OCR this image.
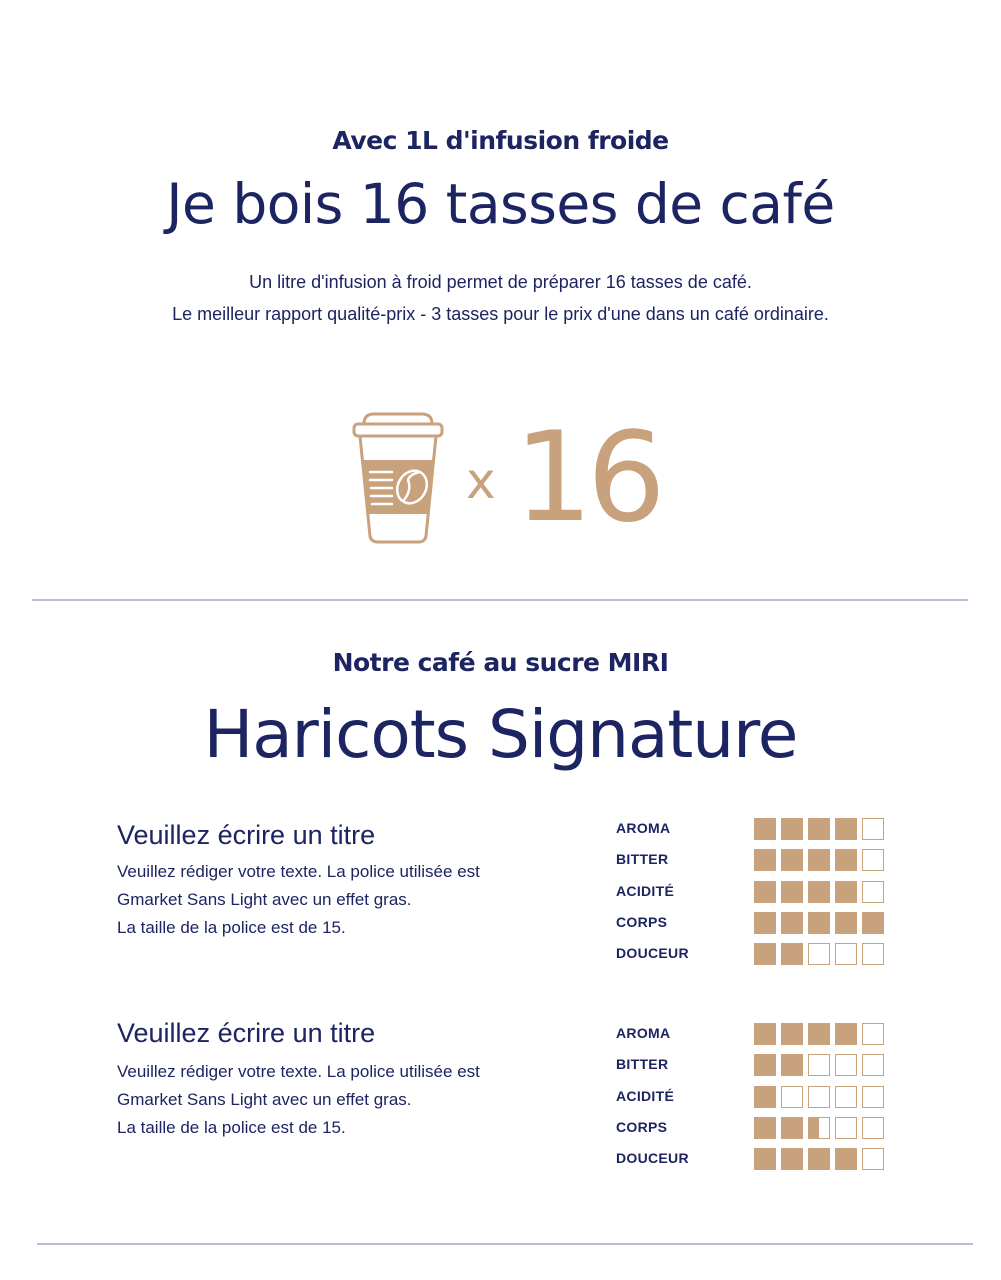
Avec 1L d'infusion froide
Je bois 16 tasses de café
Un litre d'infusion à froid permet de préparer 16 tasses de café.
Le meilleur rapport qualité-prix - 3 tasses pour le prix d'une dans un café ordinaire.
x 16
Notre café au sucre MIRI
Haricots Signature
Veuillez écrire un titre
Veuillez rédiger votre texte. La police utilisée est
Gmarket Sans Light avec un effet gras.
La taille de la police est de 15.
AROMA
BITTER
ACIDITÉ
CORPS
DOUCEUR
Veuillez écrire un titre
Veuillez rédiger votre texte. La police utilisée est
Gmarket Sans Light avec un effet gras.
La taille de la police est de 15.
AROMA
BITTER
ACIDITÉ
CORPS
DOUCEUR
